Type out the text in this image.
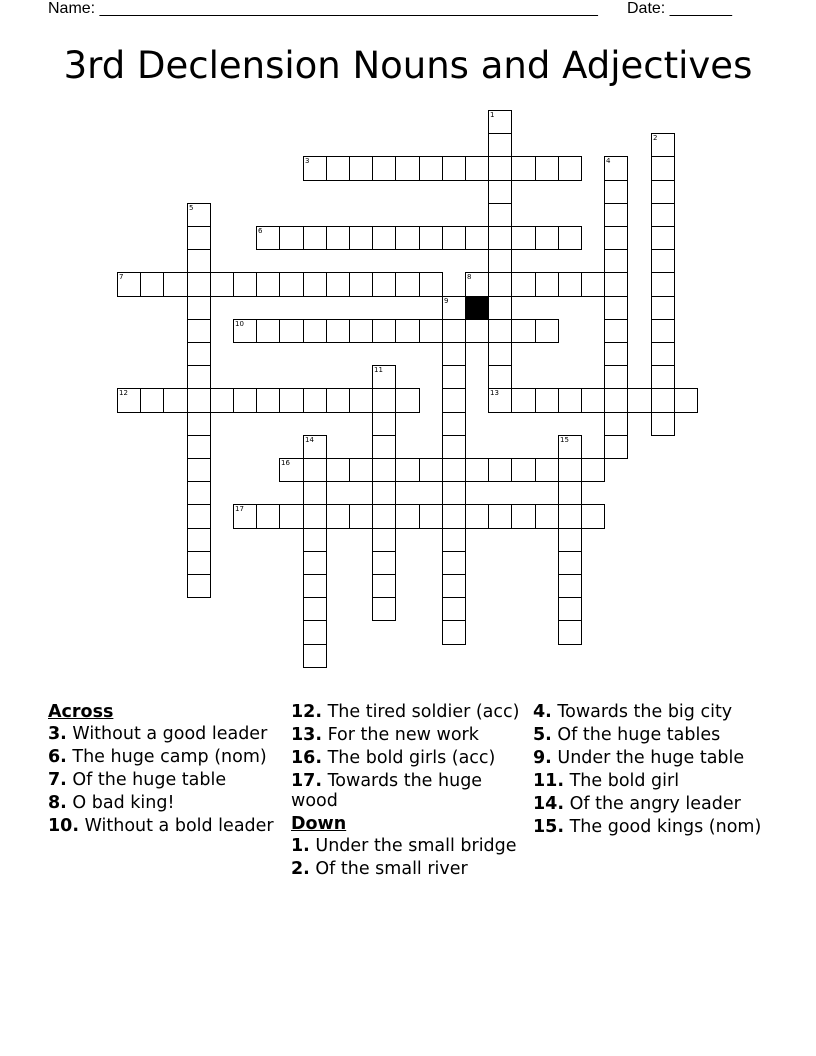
Name: ________________________________________________________ Date: _______
3rd Declension Nouns and Adjectives
1
2
3	4
5
6
7	8
9
10
11
12	13
14	15
16
17
Across
3. Without a good leader
6. The huge camp (nom)
7. Of the huge table
8. O bad king!
10. Without a bold leader
12. The tired soldier (acc)
13. For the new work
16. The bold girls (acc)
17. Towards the huge wood
Down
1. Under the small bridge
2. Of the small river
4. Towards the big city
5. Of the huge tables
9. Under the huge table
11. The bold girl
14. Of the angry leader
15. The good kings (nom)
